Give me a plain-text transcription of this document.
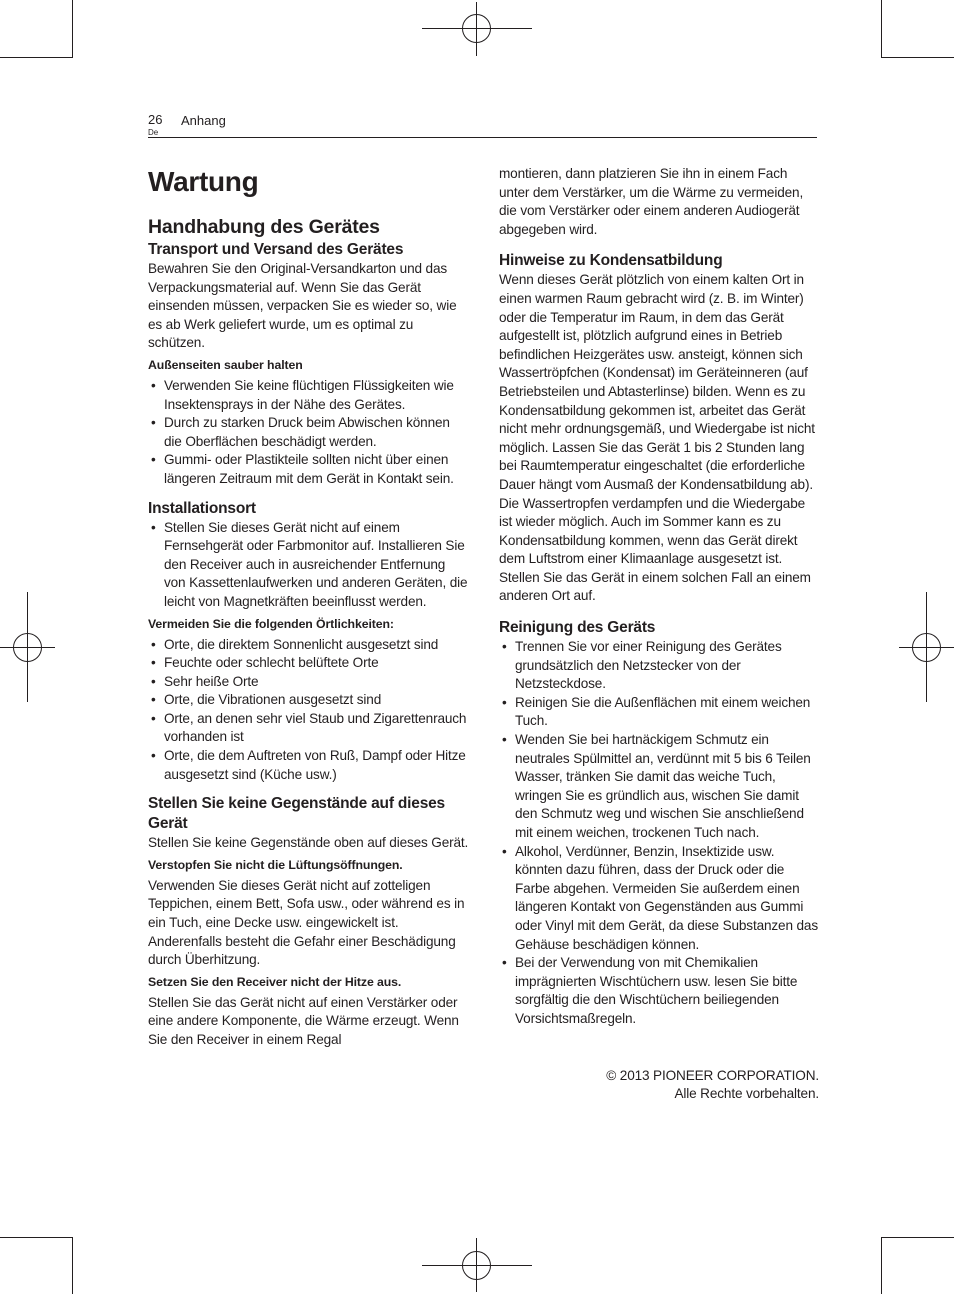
26
De
Anhang
Wartung
Handhabung des Gerätes
Transport und Versand des Gerätes

Bewahren Sie den Original-Versandkarton und das Verpackungsmaterial auf. Wenn Sie das Gerät einsenden müssen, verpacken Sie es wieder so, wie es ab Werk geliefert wurde, um es optimal zu schützen.

Außenseiten sauber halten
• Verwenden Sie keine flüchtigen Flüssigkeiten wie Insektensprays in der Nähe des Gerätes.
• Durch zu starken Druck beim Abwischen können die Oberflächen beschädigt werden.
• Gummi- oder Plastikteile sollten nicht über einen längeren Zeitraum mit dem Gerät in Kontakt sein.
Installationsort
• Stellen Sie dieses Gerät nicht auf einem Fernsehgerät oder Farbmonitor auf. Installieren Sie den Receiver auch in ausreichender Entfernung von Kassettenlaufwerken und anderen Geräten, die leicht von Magnetkräften beeinflusst werden.
Vermeiden Sie die folgenden Örtlichkeiten:
• Orte, die direktem Sonnenlicht ausgesetzt sind
• Feuchte oder schlecht belüftete Orte
• Sehr heiße Orte
• Orte, die Vibrationen ausgesetzt sind
• Orte, an denen sehr viel Staub und Zigarettenrauch vorhanden ist
• Orte, die dem Auftreten von Ruß, Dampf oder Hitze ausgesetzt sind (Küche usw.)
Stellen Sie keine Gegenstände auf dieses Gerät

Stellen Sie keine Gegenstände oben auf dieses Gerät.

Verstopfen Sie nicht die Lüftungsöffnungen.

Verwenden Sie dieses Gerät nicht auf zotteligen Teppichen, einem Bett, Sofa usw., oder während es in ein Tuch, eine Decke usw. eingewickelt ist. Anderenfalls besteht die Gefahr einer Beschädigung durch Überhitzung.

Setzen Sie den Receiver nicht der Hitze aus.

Stellen Sie das Gerät nicht auf einen Verstärker oder eine andere Komponente, die Wärme erzeugt. Wenn Sie den Receiver in einem Regal

montieren, dann platzieren Sie ihn in einem Fach unter dem Verstärker, um die Wärme zu vermeiden, die vom Verstärker oder einem anderen Audiogerät abgegeben wird.

Hinweise zu Kondensatbildung

Wenn dieses Gerät plötzlich von einem kalten Ort in einen warmen Raum gebracht wird (z. B. im Winter) oder die Temperatur im Raum, in dem das Gerät aufgestellt ist, plötzlich aufgrund eines in Betrieb befindlichen Heizgerätes usw. ansteigt, können sich Wassertröpfchen (Kondensat) im Geräteinneren (auf Betriebsteilen und Abtasterlinse) bilden. Wenn es zu Kondensatbildung gekommen ist, arbeitet das Gerät nicht mehr ordnungsgemäß, und Wiedergabe ist nicht möglich. Lassen Sie das Gerät 1 bis 2 Stunden lang bei Raumtemperatur eingeschaltet (die erforderliche Dauer hängt vom Ausmaß der Kondensatbildung ab). Die Wassertropfen verdampfen und die Wiedergabe ist wieder möglich. Auch im Sommer kann es zu Kondensatbildung kommen, wenn das Gerät direkt dem Luftstrom einer Klimaanlage ausgesetzt ist. Stellen Sie das Gerät in einem solchen Fall an einem anderen Ort auf.

Reinigung des Geräts
• Trennen Sie vor einer Reinigung des Gerätes grundsätzlich den Netzstecker von der Netzsteckdose.
• Reinigen Sie die Außenflächen mit einem weichen Tuch.
• Wenden Sie bei hartnäckigem Schmutz ein neutrales Spülmittel an, verdünnt mit 5 bis 6 Teilen Wasser, tränken Sie damit das weiche Tuch, wringen Sie es gründlich aus, wischen Sie damit den Schmutz weg und wischen Sie anschließend mit einem weichen, trockenen Tuch nach.
• Alkohol, Verdünner, Benzin, Insektizide usw. könnten dazu führen, dass der Druck oder die Farbe abgehen. Vermeiden Sie außerdem einen längeren Kontakt von Gegenständen aus Gummi oder Vinyl mit dem Gerät, da diese Substanzen das Gehäuse beschädigen können.
• Bei der Verwendung von mit Chemikalien imprägnierten Wischtüchern usw. lesen Sie bitte sorgfältig die den Wischtüchern beiliegenden Vorsichtsmaßregeln.
© 2013 PIONEER CORPORATION.
Alle Rechte vorbehalten.
